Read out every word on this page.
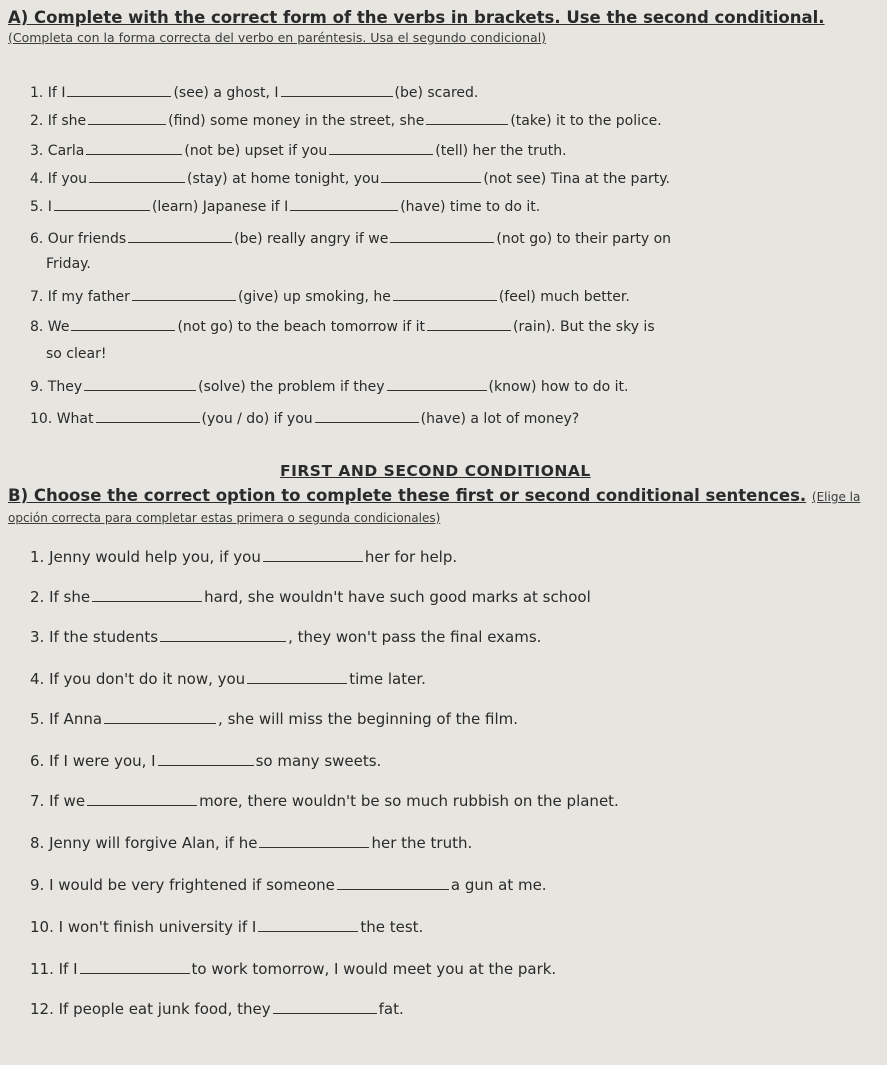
A) Complete with the correct form of the verbs in brackets. Use the second conditional. (Completa con la forma correcta del verbo en paréntesis. Usa el segundo condicional)
1. If I	(see) a ghost, I	(be) scared.
2. If she	(find) some money in the street, she	(take) it to the police.
3. Carla	(not be) upset if you	(tell) her the truth.
4. If you	(stay) at home tonight, you	(not see) Tina at the party.
5. I	(learn) Japanese if I	(have) time to do it.
6. Our friends	(be) really angry if we	(not go) to their party on
Friday.
7. If my father	(give) up smoking, he	(feel) much better.
8. We	(not go) to the beach tomorrow if it	(rain). But the sky is
so clear!
9. They	(solve) the problem if they	(know) how to do it.
10. What	(you / do) if you	(have) a lot of money?
FIRST AND SECOND CONDITIONAL
B) Choose the correct option to complete these first or second conditional sentences. (Elige la opción correcta para completar estas primera o segunda condicionales)
1. Jenny would help you, if you	her for help.
2. If she	hard, she wouldn't have such good marks at school
3. If the students	, they won't pass the final exams.
4. If you don't do it now, you	time later.
5. If Anna	, she will miss the beginning of the film.
6. If I were you, I	so many sweets.
7. If we	more, there wouldn't be so much rubbish on the planet.
8. Jenny will forgive Alan, if he	her the truth.
9. I would be very frightened if someone	a gun at me.
10. I won't finish university if I	the test.
11. If I	to work tomorrow, I would meet you at the park.
12. If people eat junk food, they	fat.
